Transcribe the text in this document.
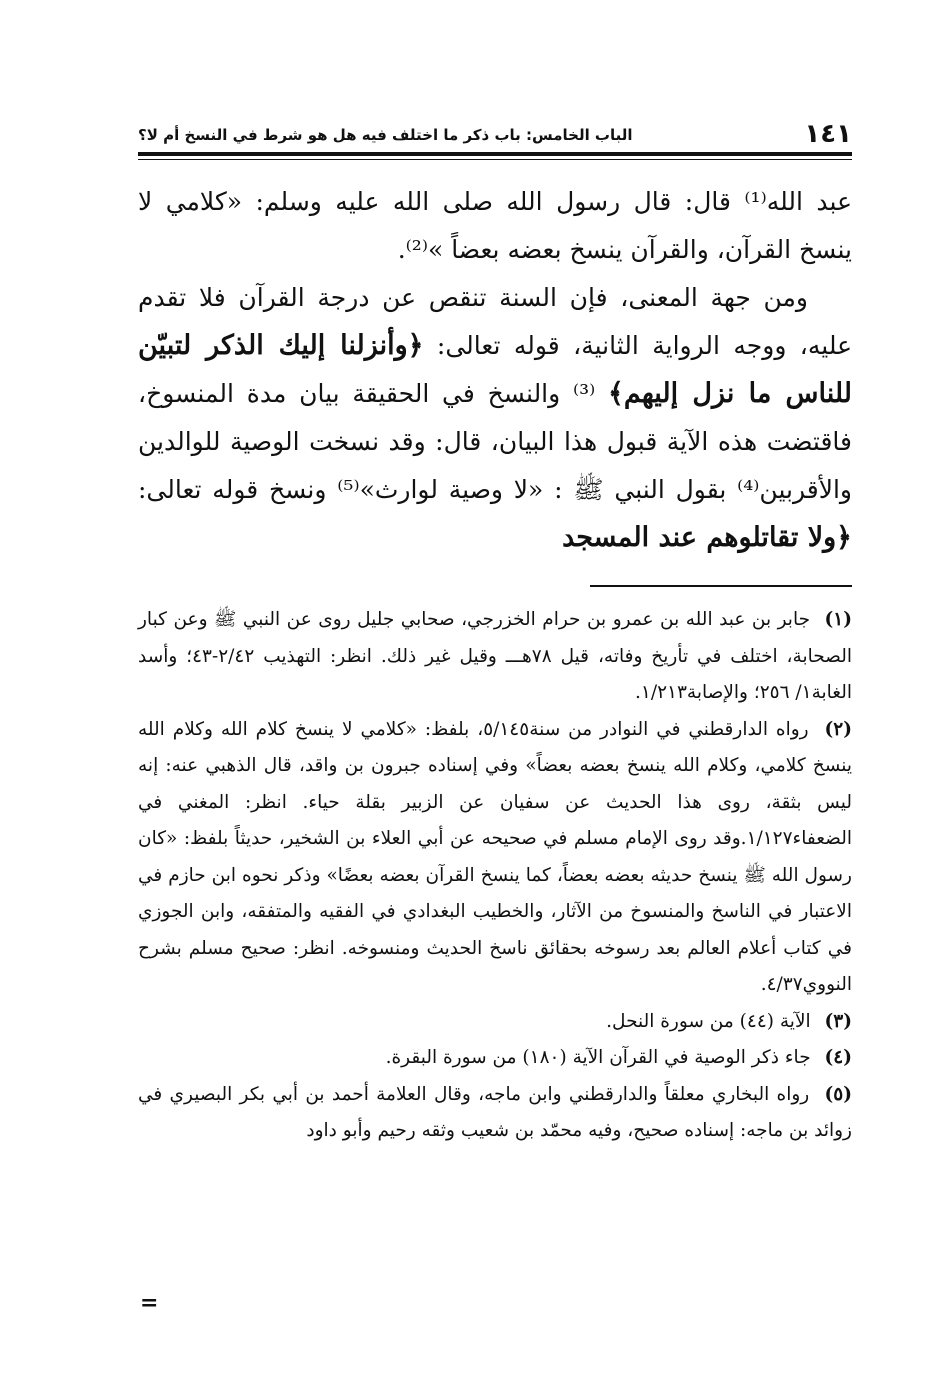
١٤١
الباب الخامس: باب ذكر ما اختلف فيه هل هو شرط في النسخ أم لا؟

عبد الله⁽¹⁾ قال: قال رسول الله صلى الله عليه وسلم: «كلامي لا ينسخ القرآن، والقرآن ينسخ بعضه بعضاً »⁽²⁾.

ومن جهة المعنى، فإن السنة تنقص عن درجة القرآن فلا تقدم عليه، ووجه الرواية الثانية، قوله تعالى: ﴿وأنزلنا إليك الذكر لتبيّن للناس ما نزل إليهم﴾ ⁽³⁾ والنسخ في الحقيقة بيان مدة المنسوخ، فاقتضت هذه الآية قبول هذا البيان، قال: وقد نسخت الوصية للوالدين والأقربين⁽⁴⁾ بقول النبي ﷺ : «لا وصية لوارث»⁽⁵⁾ ونسخ قوله تعالى: ﴿ولا تقاتلوهم عند المسجد

(١) جابر بن عبد الله بن عمرو بن حرام الخزرجي، صحابي جليل روى عن النبي ﷺ وعن كبار الصحابة، اختلف في تأريخ وفاته، قيل ٧٨هـــ وقيل غير ذلك. انظر: التهذيب ٢/٤٢-٤٣؛ وأسد الغابة١/ ٢٥٦؛ والإصابة١/٢١٣.

(٢) رواه الدارقطني في النوادر من سنة٥/١٤٥، بلفظ: «كلامي لا ينسخ كلام الله وكلام الله ينسخ كلامي، وكلام الله ينسخ بعضه بعضاً» وفي إسناده جبرون بن واقد، قال الذهبي عنه: إنه ليس بثقة، روى هذا الحديث عن سفيان عن الزبير بقلة حياء. انظر: المغني في الضعفاء١/١٢٧.وقد روى الإمام مسلم في صحيحه عن أبي العلاء بن الشخير، حديثاً بلفظ: «كان رسول الله ﷺ ينسخ حديثه بعضه بعضاً، كما ينسخ القرآن بعضه بعضًا» وذكر نحوه ابن حازم في الاعتبار في الناسخ والمنسوخ من الآثار، والخطيب البغدادي في الفقيه والمتفقه، وابن الجوزي في كتاب أعلام العالم بعد رسوخه بحقائق ناسخ الحديث ومنسوخه. انظر: صحيح مسلم بشرح النووي٤/٣٧.

(٣) الآية (٤٤) من سورة النحل.

(٤) جاء ذكر الوصية في القرآن الآية (١٨٠) من سورة البقرة.

(٥) رواه البخاري معلقاً والدارقطني وابن ماجه، وقال العلامة أحمد بن أبي بكر البصيري في زوائد بن ماجه: إسناده صحيح، وفيه محمّد بن شعيب وثقه رحيم وأبو داود

=
